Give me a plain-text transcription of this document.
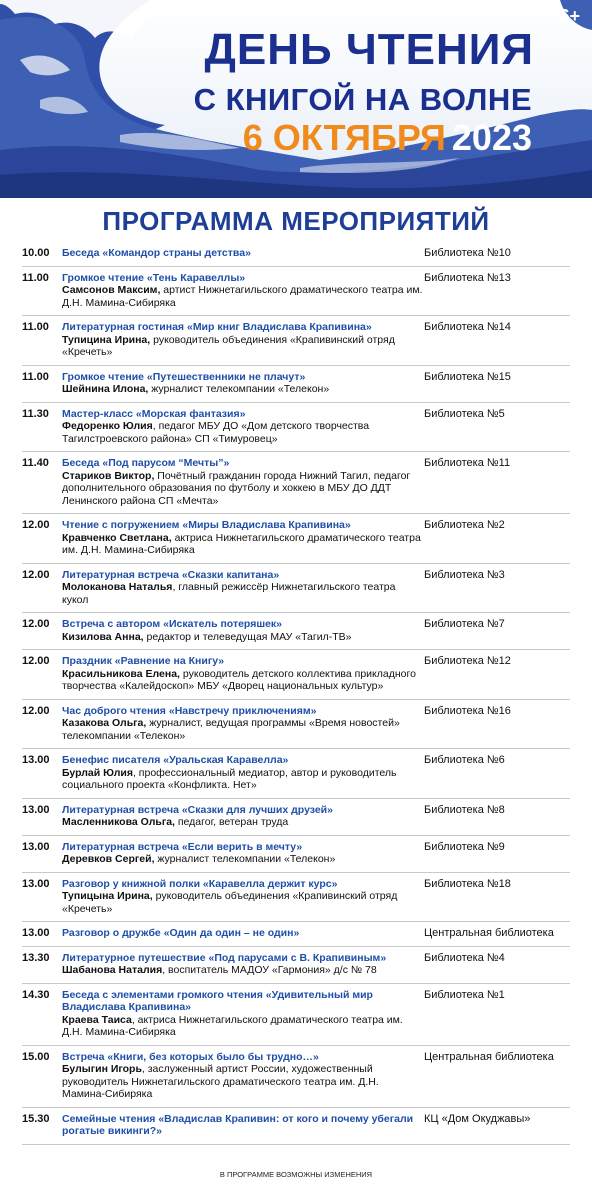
6+
ДЕНЬ ЧТЕНИЯ
С КНИГОЙ НА ВОЛНЕ
6 ОКТЯБРЯ 2023
ПРОГРАММА МЕРОПРИЯТИЙ
10.00	Беседа «Командор страны детства»	Библиотека №10
11.00	Громкое чтение «Тень Каравеллы»
Самсонов Максим, артист Нижнетагильского драматического театра им. Д.Н. Мамина-Сибиряка
Библиотека №13
11.00	Литературная гостиная «Мир книг Владислава Крапивина»
Тупицина Ирина, руководитель объединения «Крапивинский отряд «Кречеть»
Библиотека №14
11.00	Громкое чтение «Путешественники не плачут»
Шейнина Илона, журналист телекомпании «Телекон»
Библиотека №15
11.30	Мастер-класс «Морская фантазия»
Федоренко Юлия, педагог МБУ ДО «Дом детского творчества Тагилстроевского района» СП «Тимуровец»
Библиотека №5
11.40	Беседа «Под парусом “Мечты”»
Стариков Виктор, Почётный гражданин города Нижний Тагил, педагог дополнительного образования по футболу и хоккею в МБУ ДО ДДТ Ленинского района СП «Мечта»
Библиотека №11
12.00	Чтение с погружением «Миры Владислава Крапивина»
Кравченко Светлана, актриса Нижнетагильского драматического театра им. Д.Н. Мамина-Сибиряка
Библиотека №2
12.00	Литературная встреча «Сказки капитана»
Молоканова Наталья, главный режиссёр Нижнетагильского театра кукол
Библиотека №3
12.00	Встреча с автором «Искатель потеряшек»
Кизилова Анна, редактор и телеведущая МАУ «Тагил-ТВ»
Библиотека №7
12.00	Праздник «Равнение на Книгу»
Красильникова Елена, руководитель детского коллектива прикладного творчества «Калейдоскоп» МБУ «Дворец национальных культур»
Библиотека №12
12.00	Час доброго чтения «Навстречу приключениям»
Казакова Ольга, журналист, ведущая программы «Время новостей» телекомпании «Телекон»
Библиотека №16
13.00	Бенефис писателя «Уральская Каравелла»
Бурлай Юлия, профессиональный медиатор, автор и руководитель социального проекта «Конфликта. Нет»
Библиотека №6
13.00	Литературная встреча «Сказки для лучших друзей»
Масленникова Ольга, педагог, ветеран труда
Библиотека №8
13.00	Литературная встреча «Если верить в мечту»
Деревков Сергей, журналист телекомпании «Телекон»
Библиотека №9
13.00	Разговор у книжной полки «Каравелла держит курс»
Тупицына Ирина, руководитель объединения «Крапивинский отряд «Кречеть»
Библиотека №18
13.00	Разговор о дружбе «Один да один – не один»	Центральная библиотека
13.30	Литературное путешествие «Под парусами с В. Крапивиным»
Шабанова Наталия, воспитатель МАДОУ «Гармония» д/с № 78
Библиотека №4
14.30	Беседа с элементами громкого чтения «Удивительный мир Владислава Крапивина»
Краева Таиса, актриса Нижнетагильского драматического театра им. Д.Н. Мамина-Сибиряка
Библиотека №1
15.00	Встреча «Книги, без которых было бы трудно…»
Булыгин Игорь, заслуженный артист России, художественный руководитель Нижнетагильского драматического театра им. Д.Н. Мамина-Сибиряка
Центральная библиотека
15.30	Семейные чтения «Владислав Крапивин: от кого и почему убегали рогатые викинги?»
КЦ «Дом Окуджавы»
В ПРОГРАММЕ ВОЗМОЖНЫ ИЗМЕНЕНИЯ
